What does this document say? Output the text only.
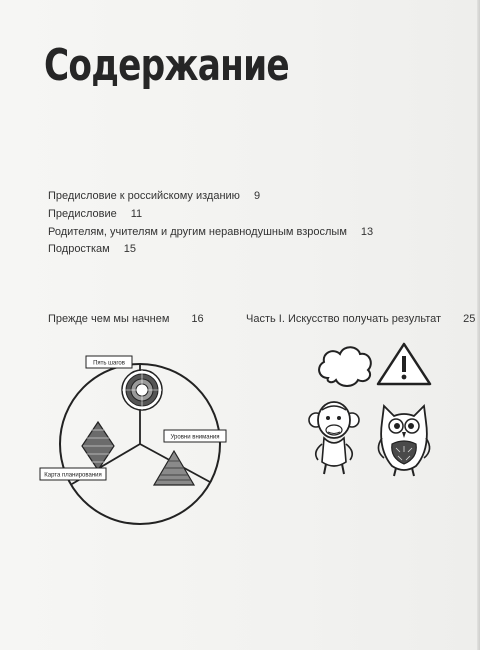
Содержание
Предисловие к российскому изданию 9
Предисловие 11
Родителям, учителям и другим неравнодушным взрослым 13
Подросткам 15
Прежде чем мы начнем 16	Часть I. Искусство получать результат 25
Пять шагов
Уровни внимания
Карта планирования
